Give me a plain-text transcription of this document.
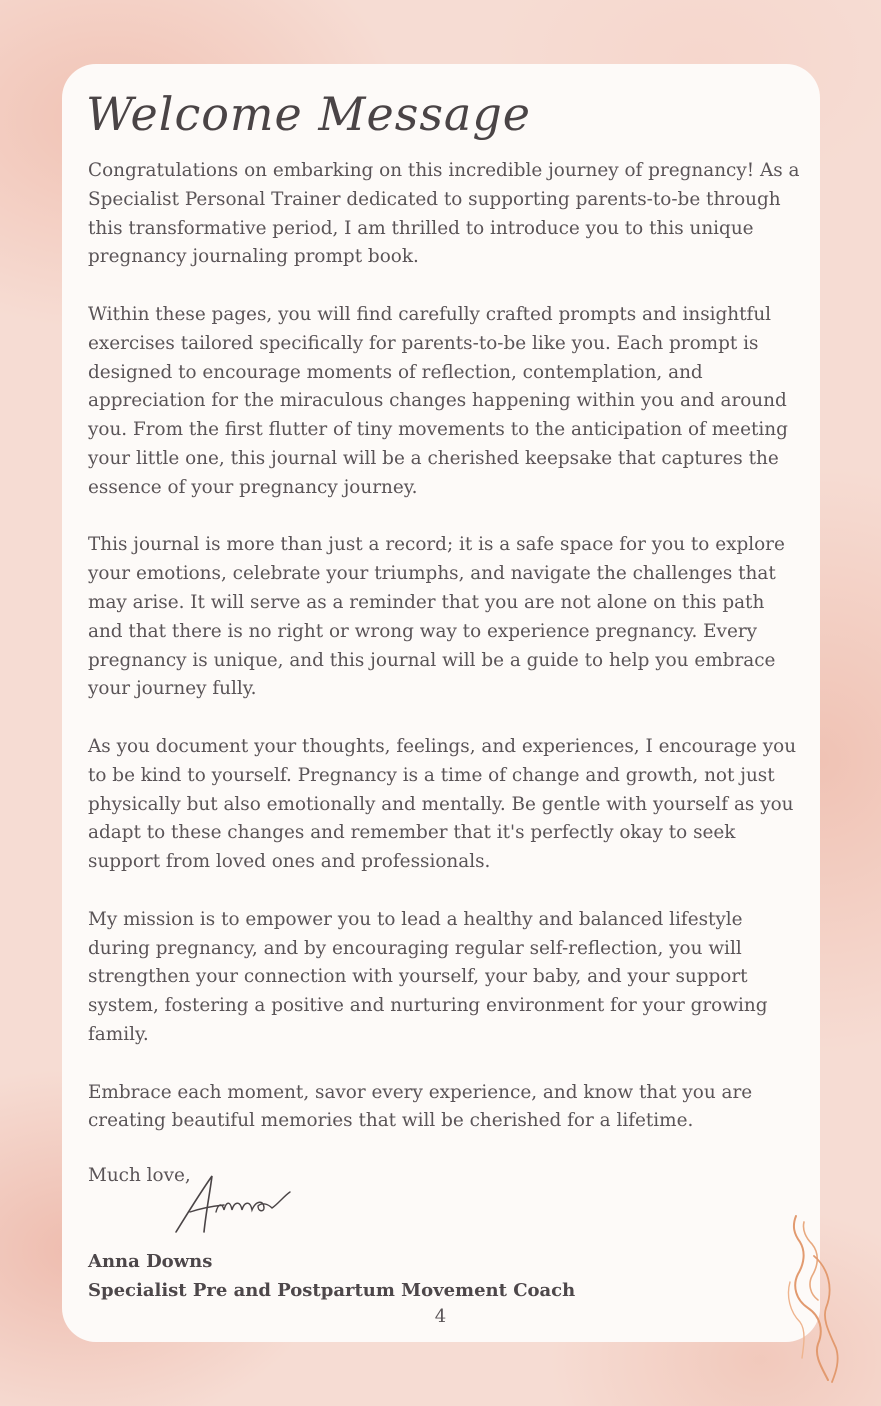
Welcome Message

Congratulations on embarking on this incredible journey of pregnancy! As a Specialist Personal Trainer dedicated to supporting parents-to-be through this transformative period, I am thrilled to introduce you to this unique pregnancy journaling prompt book.

Within these pages, you will find carefully crafted prompts and insightful exercises tailored specifically for parents-to-be like you. Each prompt is designed to encourage moments of reflection, contemplation, and appreciation for the miraculous changes happening within you and around you. From the first flutter of tiny movements to the anticipation of meeting your little one, this journal will be a cherished keepsake that captures the essence of your pregnancy journey.

This journal is more than just a record; it is a safe space for you to explore your emotions, celebrate your triumphs, and navigate the challenges that may arise. It will serve as a reminder that you are not alone on this path and that there is no right or wrong way to experience pregnancy. Every pregnancy is unique, and this journal will be a guide to help you embrace your journey fully.

As you document your thoughts, feelings, and experiences, I encourage you to be kind to yourself. Pregnancy is a time of change and growth, not just physically but also emotionally and mentally. Be gentle with yourself as you adapt to these changes and remember that it's perfectly okay to seek support from loved ones and professionals.

My mission is to empower you to lead a healthy and balanced lifestyle during pregnancy, and by encouraging regular self-reflection, you will strengthen your connection with yourself, your baby, and your support system, fostering a positive and nurturing environment for your growing family.

Embrace each moment, savor every experience, and know that you are creating beautiful memories that will be cherished for a lifetime.

Much love,
Anna Downs
Specialist Pre and Postpartum Movement Coach
4
